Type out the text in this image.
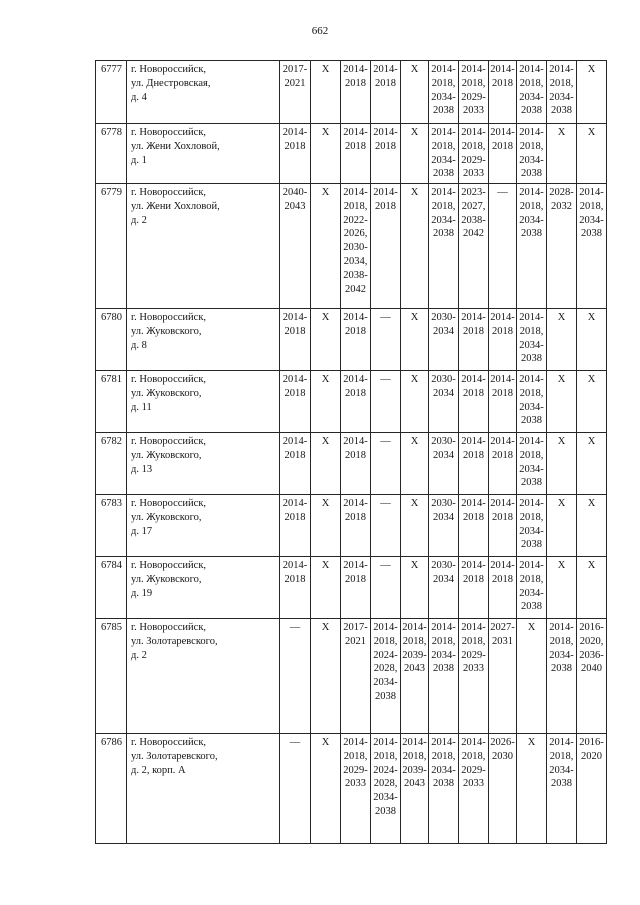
662
6777	г. Новороссийск,
ул. Днестровская,
д. 4	2017-2021	X	2014-2018	2014-2018	X	2014-2018, 2034-2038	2014-2018, 2029-2033	2014-2018	2014-2018, 2034-2038	2014-2018, 2034-2038	X
6778	г. Новороссийск,
ул. Жени Хохловой,
д. 1	2014-2018	X	2014-2018	2014-2018	X	2014-2018, 2034-2038	2014-2018, 2029-2033	2014-2018	2014-2018, 2034-2038	X	X
6779	г. Новороссийск,
ул. Жени Хохловой,
д. 2	2040-2043	X	2014-2018, 2022-2026, 2030-2034, 2038-2042	2014-2018	X	2014-2018, 2034-2038	2023-2027, 2038-2042	—	2014-2018, 2034-2038	2028-2032	2014-2018, 2034-2038
6780	г. Новороссийск,
ул. Жуковского,
д. 8	2014-2018	X	2014-2018	—	X	2030-2034	2014-2018	2014-2018	2014-2018, 2034-2038	X	X
6781	г. Новороссийск,
ул. Жуковского,
д. 11	2014-2018	X	2014-2018	—	X	2030-2034	2014-2018	2014-2018	2014-2018, 2034-2038	X	X
6782	г. Новороссийск,
ул. Жуковского,
д. 13	2014-2018	X	2014-2018	—	X	2030-2034	2014-2018	2014-2018	2014-2018, 2034-2038	X	X
6783	г. Новороссийск,
ул. Жуковского,
д. 17	2014-2018	X	2014-2018	—	X	2030-2034	2014-2018	2014-2018	2014-2018, 2034-2038	X	X
6784	г. Новороссийск,
ул. Жуковского,
д. 19	2014-2018	X	2014-2018	—	X	2030-2034	2014-2018	2014-2018	2014-2018, 2034-2038	X	X
6785	г. Новороссийск,
ул. Золотаревского,
д. 2	—	X	2017-2021	2014-2018, 2024-2028, 2034-2038	2014-2018, 2039-2043	2014-2018, 2034-2038	2014-2018, 2029-2033	2027-2031	X	2014-2018, 2034-2038	2016-2020, 2036-2040
6786	г. Новороссийск,
ул. Золотаревского,
д. 2, корп. А	—	X	2014-2018, 2029-2033	2014-2018, 2024-2028, 2034-2038	2014-2018, 2039-2043	2014-2018, 2034-2038	2014-2018, 2029-2033	2026-2030	X	2014-2018, 2034-2038	2016-2020
